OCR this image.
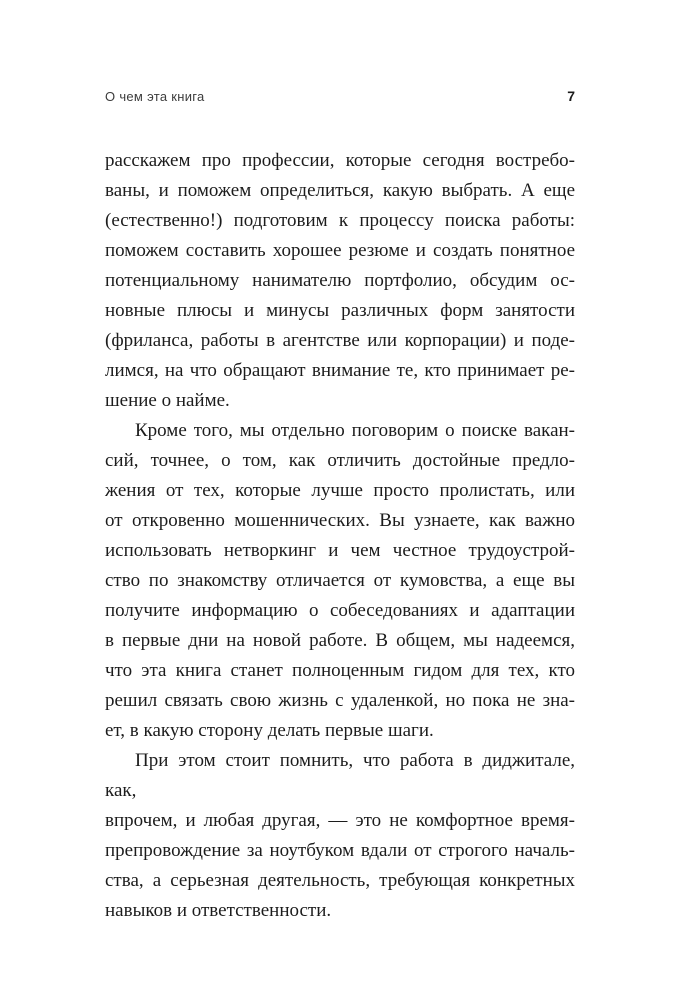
О чем эта книга	7
расскажем про профессии, которые сегодня востребо-
ваны, и поможем определиться, какую выбрать. А еще
(естественно!) подготовим к процессу поиска работы:
поможем составить хорошее резюме и создать понятное
потенциальному нанимателю портфолио, обсудим ос-
новные плюсы и минусы различных форм занятости
(фриланса, работы в агентстве или корпорации) и поде-
лимся, на что обращают внимание те, кто принимает ре-
шение о найме.
Кроме того, мы отдельно поговорим о поиске вакан-
сий, точнее, о том, как отличить достойные предло-
жения от тех, которые лучше просто пролистать, или
от откровенно мошеннических. Вы узнаете, как важно
использовать нетворкинг и чем честное трудоустрой-
ство по знакомству отличается от кумовства, а еще вы
получите информацию о собеседованиях и адаптации
в первые дни на новой работе. В общем, мы надеемся,
что эта книга станет полноценным гидом для тех, кто
решил связать свою жизнь с удаленкой, но пока не зна-
ет, в какую сторону делать первые шаги.
При этом стоит помнить, что работа в диджитале, как,
впрочем, и любая другая, — это не комфортное время-
препровождение за ноутбуком вдали от строгого началь-
ства, а серьезная деятельность, требующая конкретных
навыков и ответственности.
